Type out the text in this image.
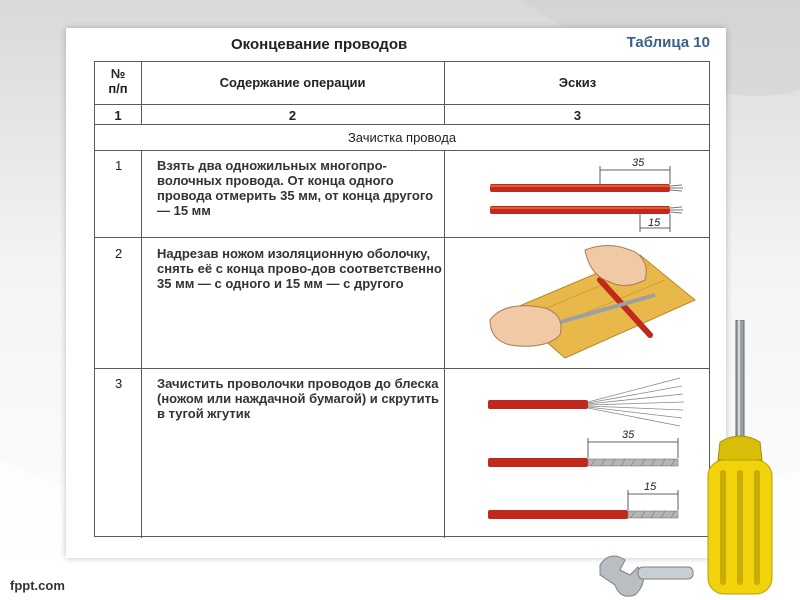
Оконцевание проводов	Таблица 10
№
п/п	Содержание операции	Эскиз
1	2	3
Зачистка провода
1	Взять два одножильных многопро-волочных провода. От конца одного провода отмерить 35 мм, от конца другого — 15 мм
35
15
2	Надрезав ножом изоляционную оболочку, снять её с конца прово-дов соответственно 35 мм — с одного и 15 мм — с другого
3	Зачистить проволочки проводов до блеска (ножом или наждачной бумагой) и скрутить в тугой жгутик
35
15
fppt.com
